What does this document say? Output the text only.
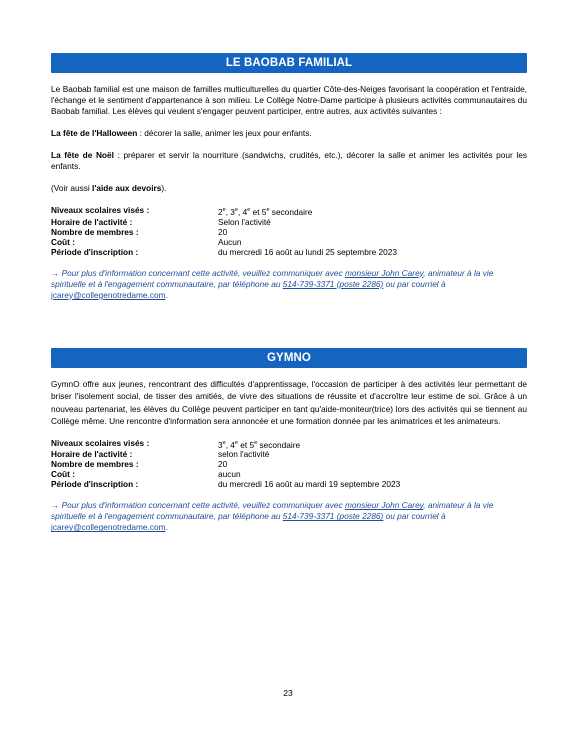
LE BAOBAB FAMILIAL

Le Baobab familial est une maison de familles multiculturelles du quartier Côte-des-Neiges favorisant la coopération et l'entraide, l'échange et le sentiment d'appartenance à son milieu. Le Collège Notre-Dame participe à plusieurs activités communautaires du Baobab familial. Les élèves qui veulent s'engager peuvent participer, entre autres, aux activités suivantes :

La fête de l'Halloween : décorer la salle, animer les jeux pour enfants.

La fête de Noël : préparer et servir la nourriture (sandwichs, crudités, etc.), décorer la salle et animer les activités pour les enfants.

(Voir aussi l'aide aux devoirs).

Niveaux scolaires visés :	2e, 3e, 4e et 5e secondaire
Horaire de l'activité :	Selon l'activité
Nombre de membres :	20
Coût :	Aucun
Période d'inscription :	du mercredi 16 août au lundi 25 septembre 2023

→ Pour plus d'information concernant cette activité, veuillez communiquer avec monsieur John Carey, animateur à la vie spirituelle et à l'engagement communautaire, par téléphone au 514-739-3371 (poste 2286) ou par courriel à jcarey@collegenotredame.com.

GYMNO

GymnO offre aux jeunes, rencontrant des difficultés d'apprentissage, l'occasion de participer à des activités leur permettant de briser l'isolement social, de tisser des amitiés, de vivre des situations de réussite et d'accroître leur estime de soi. Grâce à un nouveau partenariat, les élèves du Collège peuvent participer en tant qu'aide-moniteur(trice) lors des activités qui se tiennent au Collège même. Une rencontre d'information sera annoncée et une formation donnée par les animatrices et les animateurs.

Niveaux scolaires visés :	3e, 4e et 5e secondaire
Horaire de l'activité :	selon l'activité
Nombre de membres :	20
Coût :	aucun
Période d'inscription :	du mercredi 16 août au mardi 19 septembre 2023

→ Pour plus d'information concernant cette activité, veuillez communiquer avec monsieur John Carey, animateur à la vie spirituelle et à l'engagement communautaire, par téléphone au 514-739-3371 (poste 2286) ou par courriel à jcarey@collegenotredame.com.

23
